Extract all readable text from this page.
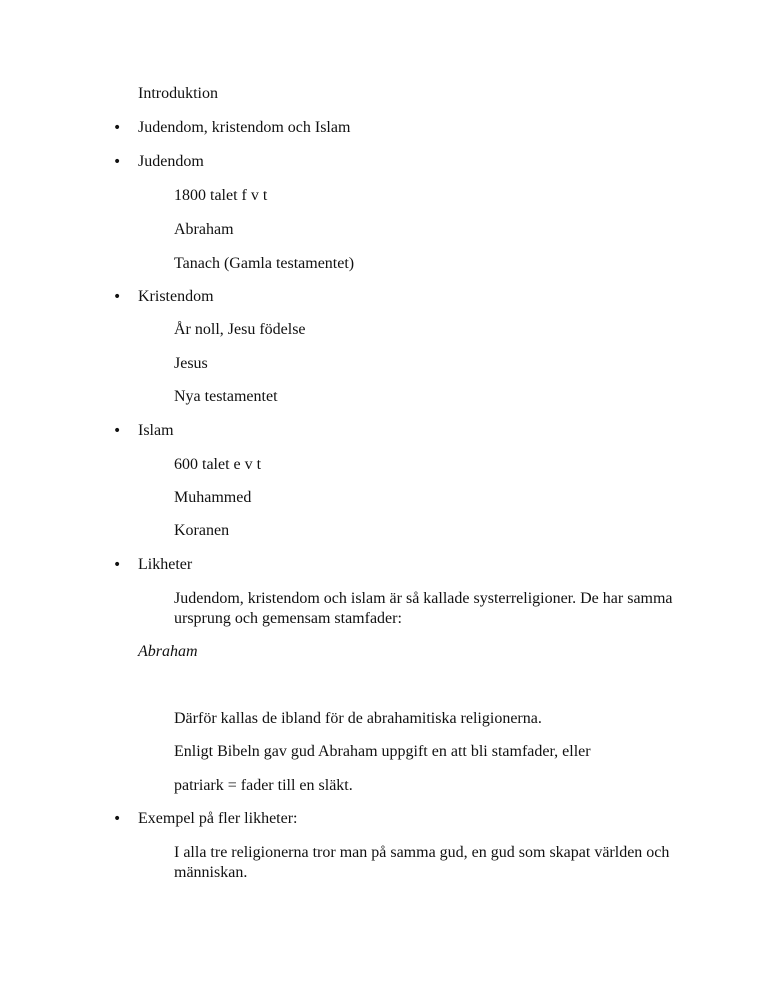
Introduktion
• Judendom, kristendom och Islam
• Judendom
1800 talet f v t
Abraham
Tanach (Gamla testamentet)
• Kristendom
År noll, Jesu födelse
Jesus
Nya testamentet
• Islam
600 talet e v t
Muhammed
Koranen
• Likheter
Judendom, kristendom och islam är så kallade systerreligioner. De har samma ursprung och gemensam stamfader:
Abraham
Därför kallas de ibland för de abrahamitiska religionerna.
Enligt Bibeln gav gud Abraham uppgift en att bli stamfader, eller
patriark = fader till en släkt.
• Exempel på fler likheter:
I alla tre religionerna tror man på samma gud, en gud som skapat världen och människan.
